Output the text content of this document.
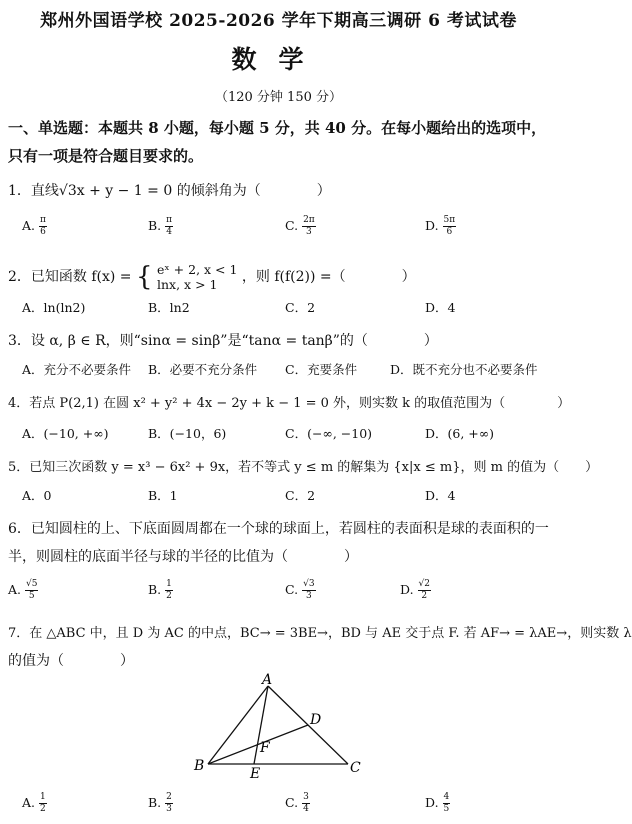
郑州外国语学校 2025-2026 学年下期高三调研 6 考试试卷
数学
（120 分钟 150 分）
一、单选题：本题共 8 小题，每小题 5 分，共 40 分。在每小题给出的选项中，
只有一项是符合题目要求的。
1．直线√3x + y − 1 = 0 的倾斜角为（　　　　）
A. $\frac{\pi}{6}$	B. $\frac{\pi}{4}$	C. $\frac{2\pi}{3}$	D. $\frac{5\pi}{6}$
2．已知函数 f(x) = { eˣ + 2, x < 1
lnx, x > 1 ，则 f(f(2)) =（　　　　）
A．ln(ln2)	B．ln2	C．2	D．4
3．设 α, β ∈ R，则“sinα = sinβ”是“tanα = tanβ”的（　　　　）
A．充分不必要条件 B．必要不充分条件 C．充要条件	D．既不充分也不必要条件
4．若点 P(2,1) 在圆 x² + y² + 4x − 2y + k − 1 = 0 外，则实数 k 的取值范围为（　　　　）
A．(−10, +∞)	B．(−10，6)	C．(−∞, −10)	D．(6, +∞)
5．已知三次函数 y = x³ − 6x² + 9x，若不等式 y ≤ m 的解集为 {x|x ≤ m}，则 m 的值为（　　）
A．0	B．1	C．2	D．4
6．已知圆柱的上、下底面圆周都在一个球的球面上，若圆柱的表面积是球的表面积的一
半，则圆柱的底面半径与球的半径的比值为（　　　　）
A. $\frac{√5}{5}$	B. $\frac{1}{2}$	C. $\frac{√3}{3}$	D. $\frac{√2}{2}$
7．在 △ABC 中，且 D 为 AC 的中点，BC→ = 3BE→，BD 与 AE 交于点 F. 若 AF→ = λAE→，则实数 λ
的值为（　　　　）
A
B	C
D
E
F
A. $\frac{1}{2}$	B. $\frac{2}{3}$	C. $\frac{3}{4}$	D. $\frac{4}{5}$
